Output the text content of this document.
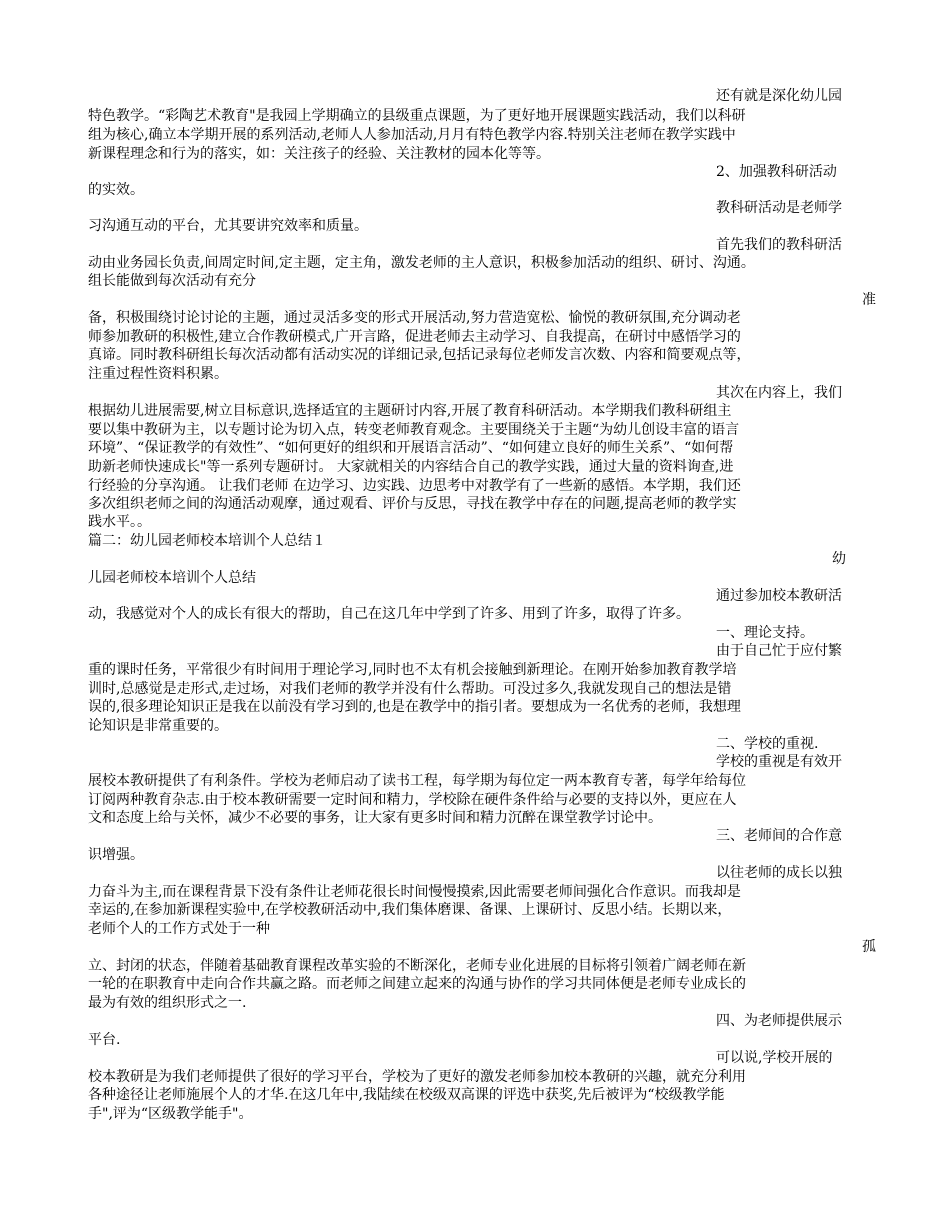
还有就是深化幼儿园
特色教学。“彩陶艺术教育"是我园上学期确立的县级重点课题，为了更好地开展课题实践活动，我们以科研
组为核心,确立本学期开展的系列活动,老师人人参加活动,月月有特色教学内容.特别关注老师在教学实践中
新课程理念和行为的落实，如：关注孩子的经验、关注教材的园本化等等。
2、加强教科研活动
的实效。
教科研活动是老师学
习沟通互动的平台，尤其要讲究效率和质量。
首先我们的教科研活
动由业务园长负责,间周定时间,定主题，定主角，激发老师的主人意识，积极参加活动的组织、研讨、沟通。
组长能做到每次活动有充分
准
备，积极围绕讨论讨论的主题，通过灵活多变的形式开展活动,努力营造宽松、愉悦的教研氛围,充分调动老
师参加教研的积极性,建立合作教研模式,广开言路，促进老师去主动学习、自我提高，在研讨中感悟学习的
真谛。同时教科研组长每次活动都有活动实况的详细记录,包括记录每位老师发言次数、内容和简要观点等，
注重过程性资料积累。
其次在内容上，我们
根据幼儿进展需要,树立目标意识,选择适宜的主题研讨内容,开展了教育科研活动。本学期我们教科研组主
要以集中教研为主，以专题讨论为切入点，转变老师教育观念。主要围绕关于主题“为幼儿创设丰富的语言
环境”、“保证教学的有效性”、“如何更好的组织和开展语言活动”、“如何建立良好的师生关系”、“如何帮
助新老师快速成长"等一系列专题研讨。 大家就相关的内容结合自己的教学实践，通过大量的资料询查,进
行经验的分享沟通。 让我们老师 在边学习、边实践、边思考中对教学有了一些新的感悟。本学期，我们还
多次组织老师之间的沟通活动观摩，通过观看、评价与反思，寻找在教学中存在的问题,提高老师的教学实
践水平。。
篇二：幼儿园老师校本培训个人总结１
幼
儿园老师校本培训个人总结
通过参加校本教研活
动，我感觉对个人的成长有很大的帮助，自己在这几年中学到了许多、用到了许多，取得了许多。
一、理论支持。
由于自己忙于应付繁
重的课时任务，平常很少有时间用于理论学习,同时也不太有机会接触到新理论。在刚开始参加教育教学培
训时,总感觉是走形式,走过场，对我们老师的教学并没有什么帮助。可没过多久,我就发现自己的想法是错
误的,很多理论知识正是我在以前没有学习到的,也是在教学中的指引者。要想成为一名优秀的老师，我想理
论知识是非常重要的。
二、学校的重视.
学校的重视是有效开
展校本教研提供了有利条件。学校为老师启动了读书工程，每学期为每位定一两本教育专著，每学年给每位
订阅两种教育杂志.由于校本教研需要一定时间和精力，学校除在硬件条件给与必要的支持以外，更应在人
文和态度上给与关怀，减少不必要的事务，让大家有更多时间和精力沉醉在课堂教学讨论中。
三、老师间的合作意
识增强。
以往老师的成长以独
力奋斗为主,而在课程背景下没有条件让老师花很长时间慢慢摸索,因此需要老师间强化合作意识。而我却是
幸运的,在参加新课程实验中,在学校教研活动中,我们集体磨课、备课、上课研讨、反思小结。长期以来，
老师个人的工作方式处于一种
孤
立、封闭的状态，伴随着基础教育课程改革实验的不断深化，老师专业化进展的目标将引领着广阔老师在新
一轮的在职教育中走向合作共赢之路。而老师之间建立起来的沟通与协作的学习共同体便是老师专业成长的
最为有效的组织形式之一.
四、为老师提供展示
平台.
可以说,学校开展的
校本教研是为我们老师提供了很好的学习平台，学校为了更好的激发老师参加校本教研的兴趣，就充分利用
各种途径让老师施展个人的才华.在这几年中,我陆续在校级双高课的评选中获奖,先后被评为“校级教学能
手",评为“区级教学能手"。
